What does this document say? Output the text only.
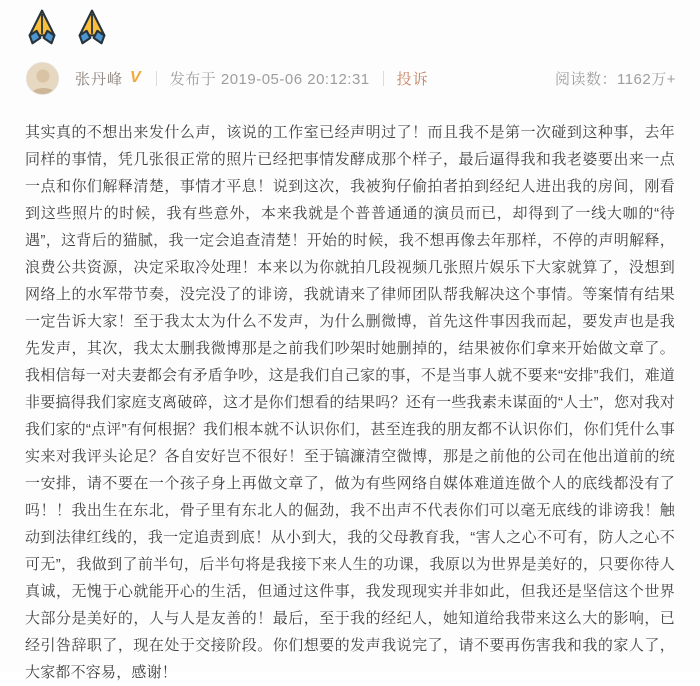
张丹峰 V 发布于 2019-05-06 20:12:31 投诉	阅读数：1162万+
其实真的不想出来发什么声，该说的工作室已经声明过了！而且我不是第一次碰到这种事，去年同样的事情，凭几张很正常的照片已经把事情发酵成那个样子，最后逼得我和我老婆要出来一点一点和你们解释清楚，事情才平息！说到这次，我被狗仔偷拍者拍到经纪人进出我的房间，刚看到这些照片的时候，我有些意外，本来我就是个普普通通的演员而已，却得到了一线大咖的“待遇”，这背后的猫腻，我一定会追查清楚！开始的时候，我不想再像去年那样，不停的声明解释，浪费公共资源，决定采取冷处理！本来以为你就拍几段视频几张照片娱乐下大家就算了，没想到网络上的水军带节奏，没完没了的诽谤，我就请来了律师团队帮我解决这个事情。等案情有结果一定告诉大家！至于我太太为什么不发声，为什么删微博，首先这件事因我而起，要发声也是我先发声，其次，我太太删我微博那是之前我们吵架时她删掉的，结果被你们拿来开始做文章了。我相信每一对夫妻都会有矛盾争吵，这是我们自己家的事，不是当事人就不要来“安排”我们，难道非要搞得我们家庭支离破碎，这才是你们想看的结果吗？还有一些我素未谋面的“人士”，您对我对我们家的“点评”有何根据？我们根本就不认识你们，甚至连我的朋友都不认识你们，你们凭什么事实来对我评头论足？各自安好岂不很好！至于镐濂清空微博，那是之前他的公司在他出道前的统一安排，请不要在一个孩子身上再做文章了，做为有些网络自媒体难道连做个人的底线都没有了吗！！我出生在东北，骨子里有东北人的倔劲，我不出声不代表你们可以毫无底线的诽谤我！触动到法律红线的，我一定追责到底！从小到大，我的父母教育我，“害人之心不可有，防人之心不可无”，我做到了前半句，后半句将是我接下来人生的功课，我原以为世界是美好的，只要你待人真诚，无愧于心就能开心的生活，但通过这件事，我发现现实并非如此，但我还是坚信这个世界大部分是美好的，人与人是友善的！最后，至于我的经纪人，她知道给我带来这么大的影响，已经引咎辞职了，现在处于交接阶段。你们想要的发声我说完了，请不要再伤害我和我的家人了，大家都不容易，感谢！
